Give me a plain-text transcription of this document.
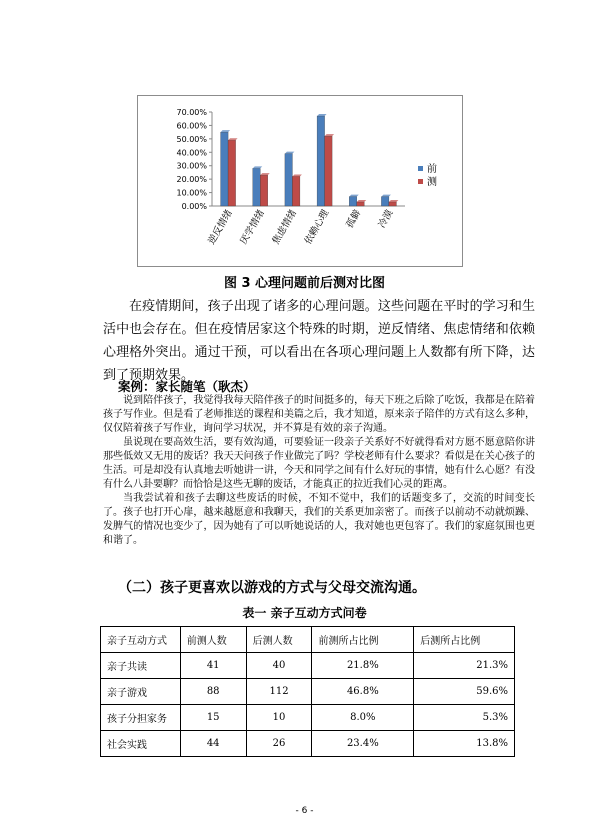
0.00%
10.00%
20.00%
30.00%
40.00%
50.00%
60.00%
70.00%
逆反情绪 厌学情绪 焦虑情绪 依赖心理 孤僻 冷漠
前
测
图 3 心理问题前后测对比图

在疫情期间，孩子出现了诸多的心理问题。这些问题在平时的学习和生活中也会存在。但在疫情居家这个特殊的时期，逆反情绪、焦虑情绪和依赖心理格外突出。通过干预，可以看出在各项心理问题上人数都有所下降，达到了预期效果。

案例：家长随笔（耿杰）

说到陪伴孩子，我觉得我每天陪伴孩子的时间挺多的，每天下班之后除了吃饭，我都是在陪着孩子写作业。但是看了老师推送的课程和美篇之后，我才知道，原来亲子陪伴的方式有这么多种，仅仅陪着孩子写作业，询问学习状况，并不算是有效的亲子沟通。

虽说现在要高效生活，要有效沟通，可要验证一段亲子关系好不好就得看对方愿不愿意陪你讲那些低效又无用的废话？我天天问孩子作业做完了吗？学校老师有什么要求？看似是在关心孩子的生活。可是却没有认真地去听她讲一讲，今天和同学之间有什么好玩的事情，她有什么心愿？有没有什么八卦要聊？而恰恰是这些无聊的废话，才能真正的拉近我们心灵的距离。

当我尝试着和孩子去聊这些废话的时候，不知不觉中，我们的话题变多了，交流的时间变长了。孩子也打开心扉，越来越愿意和我聊天，我们的关系更加亲密了。而孩子以前动不动就烦躁、发脾气的情况也变少了，因为她有了可以听她说话的人，我对她也更包容了。我们的家庭氛围也更和谐了。

（二）孩子更喜欢以游戏的方式与父母交流沟通。
表一 亲子互动方式问卷
亲子互动方式	前测人数	后测人数	前测所占比例	后测所占比例
亲子共读	41	40	21.8%	21.3%
亲子游戏	88	112	46.8%	59.6%
孩子分担家务	15	10	8.0%	5.3%
社会实践	44	26	23.4%	13.8%
- 6 -
